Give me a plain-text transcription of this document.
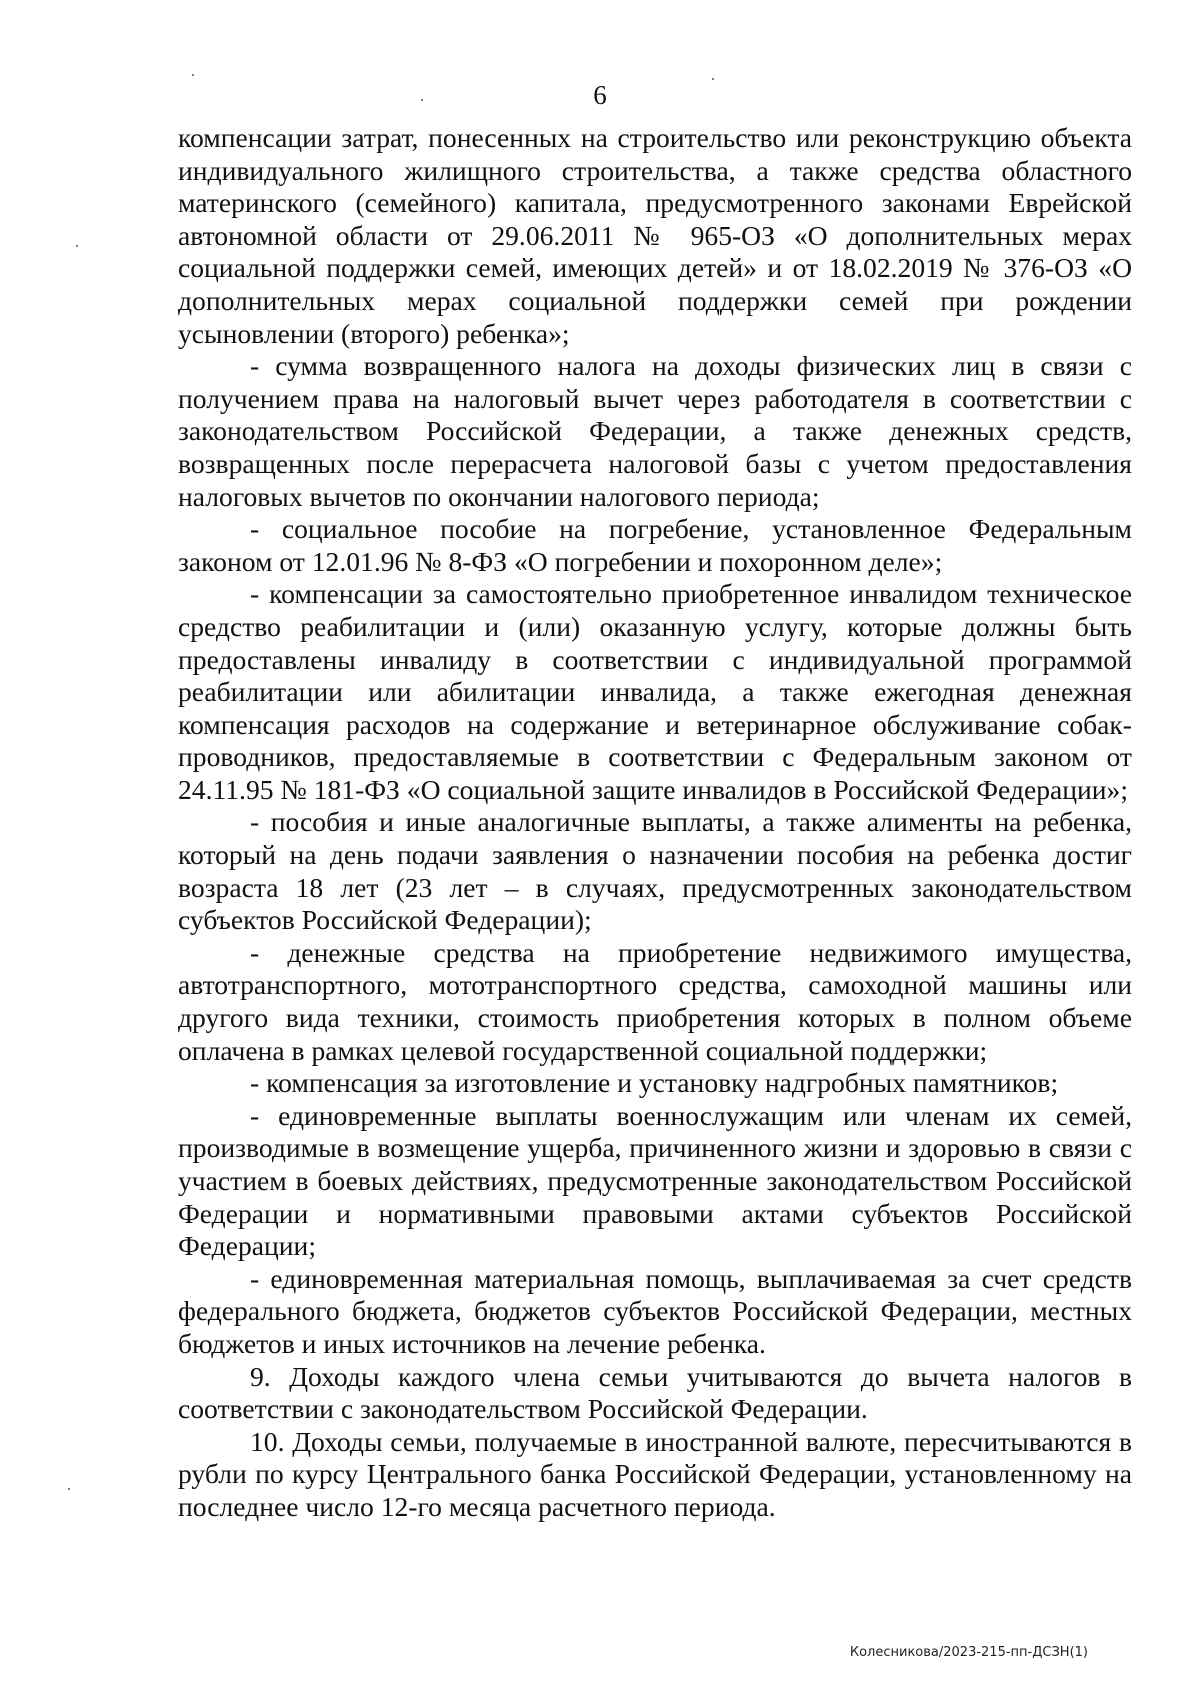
6

компенсации затрат, понесенных на строительство или реконструкцию объекта индивидуального жилищного строительства, а также средства областного материнского (семейного) капитала, предусмотренного законами Еврейской автономной области от 29.06.2011 № 965-ОЗ «О дополнительных мерах социальной поддержки семей, имеющих детей» и от 18.02.2019 № 376-ОЗ «О дополнительных мерах социальной поддержки семей при рождении усыновлении (второго) ребенка»;

- сумма возвращенного налога на доходы физических лиц в связи с получением права на налоговый вычет через работодателя в соответствии с законодательством Российской Федерации, а также денежных средств, возвращенных после перерасчета налоговой базы с учетом предоставления налоговых вычетов по окончании налогового периода;

- социальное пособие на погребение, установленное Федеральным законом от 12.01.96 № 8-ФЗ «О погребении и похоронном деле»;

- компенсации за самостоятельно приобретенное инвалидом техническое средство реабилитации и (или) оказанную услугу, которые должны быть предоставлены инвалиду в соответствии с индивидуальной программой реабилитации или абилитации инвалида, а также ежегодная денежная компенсация расходов на содержание и ветеринарное обслуживание собак-проводников, предоставляемые в соответствии с Федеральным законом от 24.11.95 № 181-ФЗ «О социальной защите инвалидов в Российской Федерации»;

- пособия и иные аналогичные выплаты, а также алименты на ребенка, который на день подачи заявления о назначении пособия на ребенка достиг возраста 18 лет (23 лет – в случаях, предусмотренных законодательством субъектов Российской Федерации);

- денежные средства на приобретение недвижимого имущества, автотранспортного, мототранспортного средства, самоходной машины или другого вида техники, стоимость приобретения которых в полном объеме оплачена в рамках целевой государственной социальной поддержки;

- компенсация за изготовление и установку надгробных памятников;

- единовременные выплаты военнослужащим или членам их семей, производимые в возмещение ущерба, причиненного жизни и здоровью в связи с участием в боевых действиях, предусмотренные законодательством Российской Федерации и нормативными правовыми актами субъектов Российской Федерации;

- единовременная материальная помощь, выплачиваемая за счет средств федерального бюджета, бюджетов субъектов Российской Федерации, местных бюджетов и иных источников на лечение ребенка.

9. Доходы каждого члена семьи учитываются до вычета налогов в соответствии с законодательством Российской Федерации.

10. Доходы семьи, получаемые в иностранной валюте, пересчитываются в рубли по курсу Центрального банка Российской Федерации, установленному на последнее число 12-го месяца расчетного периода.

Колесникова/2023-215-пп-ДСЗН(1)
